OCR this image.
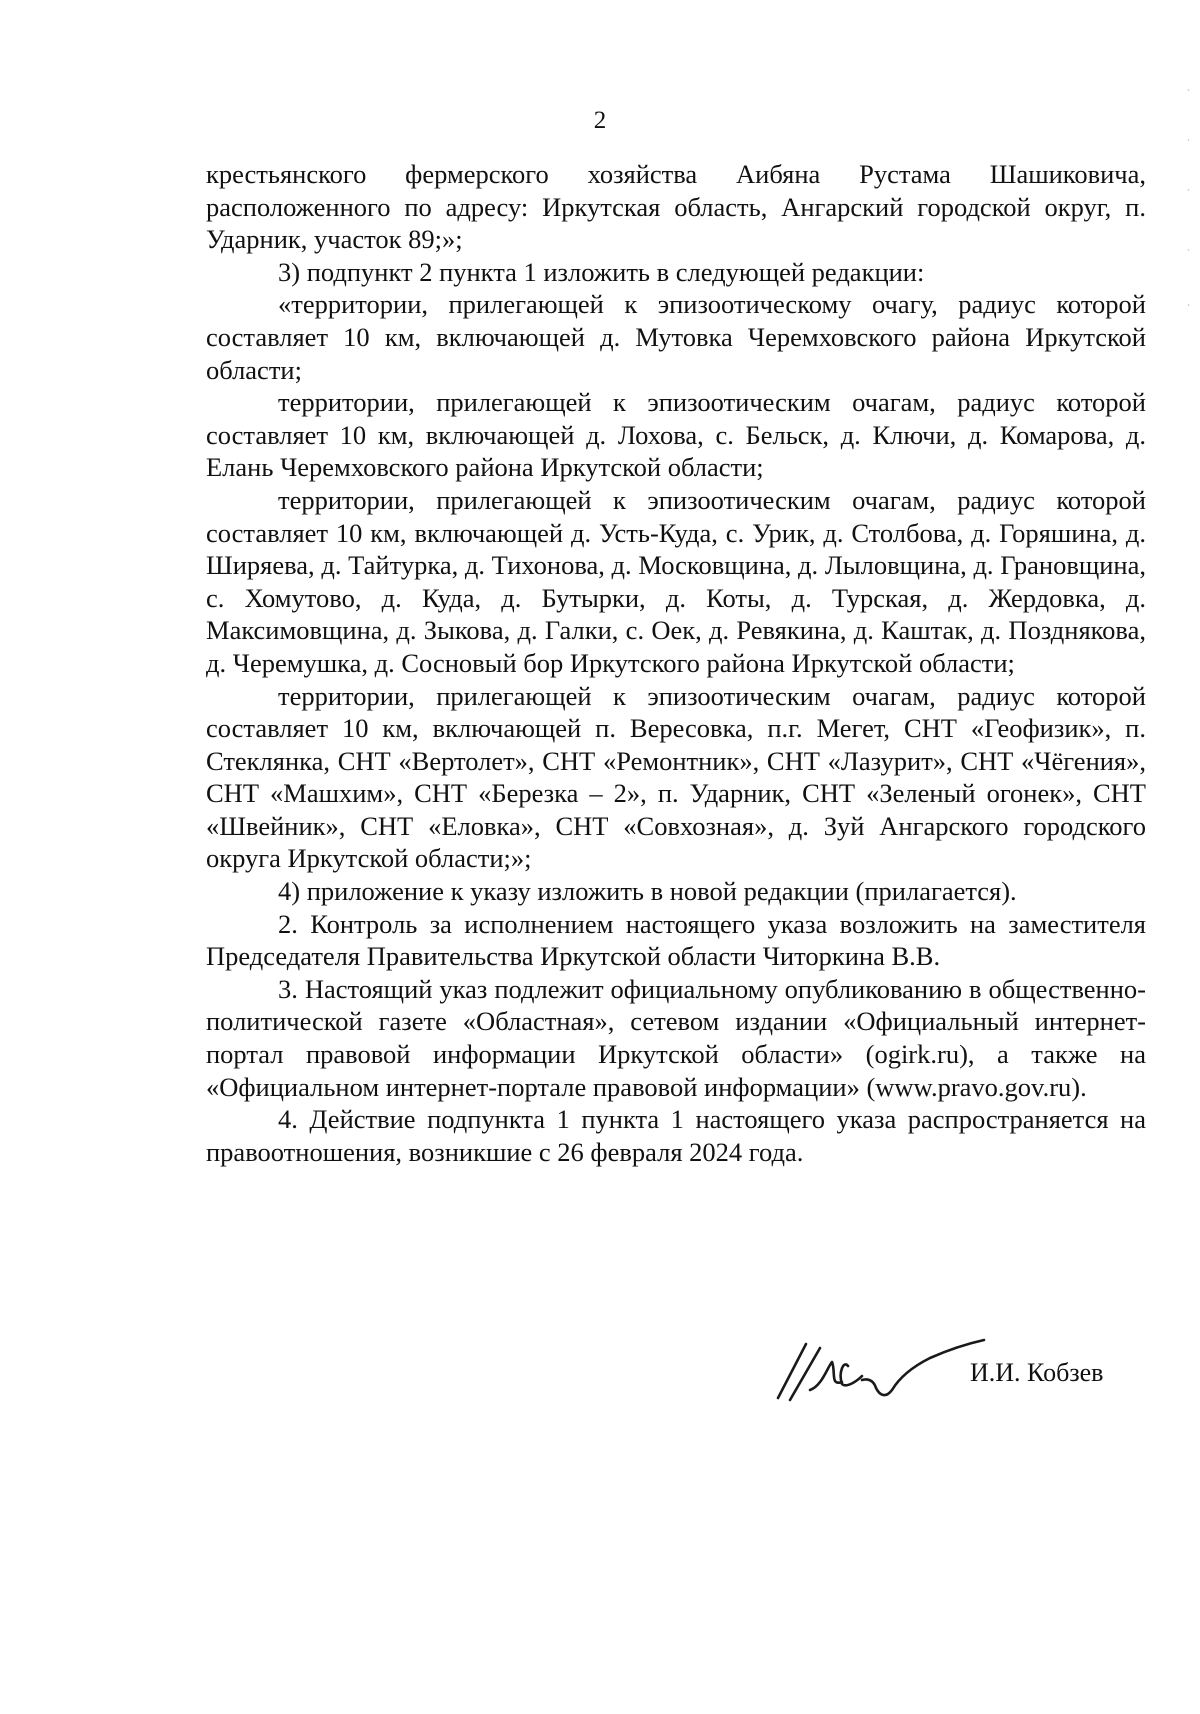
2

крестьянского фермерского хозяйства Аибяна Рустама Шашиковича, расположенного по адресу: Иркутская область, Ангарский городской округ, п. Ударник, участок 89;»;

3) подпункт 2 пункта 1 изложить в следующей редакции:

«территории, прилегающей к эпизоотическому очагу, радиус которой составляет 10 км, включающей д. Мутовка Черемховского района Иркутской области;

территории, прилегающей к эпизоотическим очагам, радиус которой составляет 10 км, включающей д. Лохова, с. Бельск, д. Ключи, д. Комарова, д. Елань Черемховского района Иркутской области;

территории, прилегающей к эпизоотическим очагам, радиус которой составляет 10 км, включающей д. Усть-Куда, с. Урик, д. Столбова, д. Горяшина, д. Ширяева, д. Тайтурка, д. Тихонова, д. Московщина, д. Лыловщина, д. Грановщина, с. Хомутово, д. Куда, д. Бутырки, д. Коты, д. Турская, д. Жердовка, д. Максимовщина, д. Зыкова, д. Галки, с. Оек, д. Ревякина, д. Каштак, д. Позднякова, д. Черемушка, д. Сосновый бор Иркутского района Иркутской области;

территории, прилегающей к эпизоотическим очагам, радиус которой составляет 10 км, включающей п. Вересовка, п.г. Мегет, СНТ «Геофизик», п. Стеклянка, СНТ «Вертолет», СНТ «Ремонтник», СНТ «Лазурит», СНТ «Чёгения», СНТ «Машхим», СНТ «Березка – 2», п. Ударник, СНТ «Зеленый огонек», СНТ «Швейник», СНТ «Еловка», СНТ «Совхозная», д. Зуй Ангарского городского округа Иркутской области;»;

4) приложение к указу изложить в новой редакции (прилагается).

2. Контроль за исполнением настоящего указа возложить на заместителя Председателя Правительства Иркутской области Читоркина В.В.

3. Настоящий указ подлежит официальному опубликованию в общественно-политической газете «Областная», сетевом издании «Официальный интернет-портал правовой информации Иркутской области» (ogirk.ru), а также на «Официальном интернет-портале правовой информации» (www.pravo.gov.ru).

4. Действие подпункта 1 пункта 1 настоящего указа распространяется на правоотношения, возникшие с 26 февраля 2024 года.

И.И. Кобзев
